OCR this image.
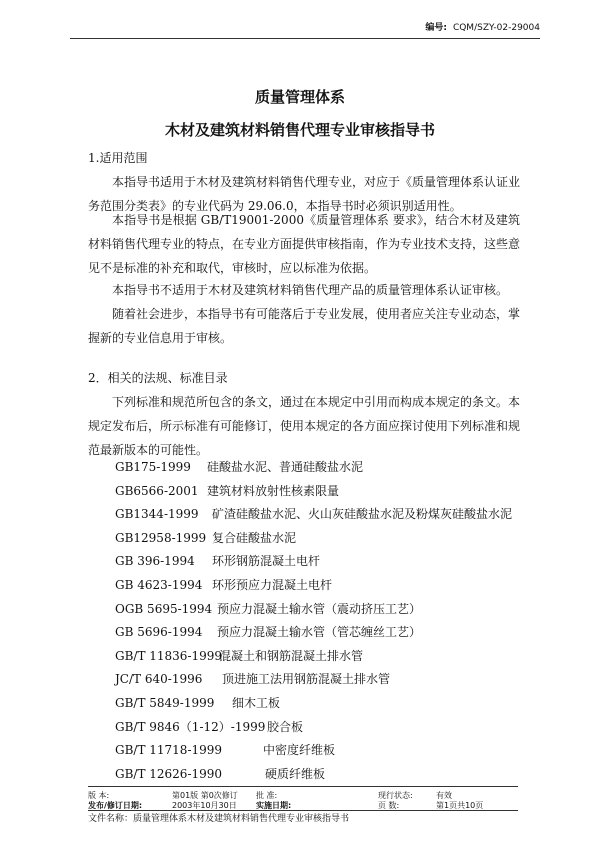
编号: CQM/SZY-02-29004
质量管理体系
木材及建筑材料销售代理专业审核指导书
1.适用范围
本指导书适用于木材及建筑材料销售代理专业，对应于《质量管理体系认证业务范围分类表》的专业代码为 29.06.0，本指导书时必须识别适用性。
本指导书是根据 GB/T19001-2000《质量管理体系 要求》，结合木材及建筑材料销售代理专业的特点，在专业方面提供审核指南，作为专业技术支持，这些意见不是标准的补充和取代，审核时，应以标准为依据。
本指导书不适用于木材及建筑材料销售代理产品的质量管理体系认证审核。
随着社会进步，本指导书有可能落后于专业发展，使用者应关注专业动态，掌握新的专业信息用于审核。
2．相关的法规、标准目录
下列标准和规范所包含的条文，通过在本规定中引用而构成本规定的条文。本规定发布后，所示标准有可能修订，使用本规定的各方面应探讨使用下列标准和规范最新版本的可能性。
GB175-1999 硅酸盐水泥、普通硅酸盐水泥
GB6566-2001 建筑材料放射性核素限量
GB1344-1999 矿渣硅酸盐水泥、火山灰硅酸盐水泥及粉煤灰硅酸盐水泥
GB12958-1999 复合硅酸盐水泥
GB 396-1994 环形钢筋混凝土电杆
GB 4623-1994 环形预应力混凝土电杆
OGB 5695-1994 预应力混凝土输水管（震动挤压工艺）
GB 5696-1994 预应力混凝土输水管（管芯缠丝工艺）
GB/T 11836-1999混凝土和钢筋混凝土排水管
JC/T 640-1996 顶进施工法用钢筋混凝土排水管
GB/T 5849-1999 细木工板
GB/T 9846（1-12）-1999 胶合板
GB/T 11718-1999	中密度纤维板
GB/T 12626-1990	硬质纤维板
版 本:	第01版 第0次修订 批 准:	现行状态:	有效
发布/修订日期:	2003年10月30日 实施日期:	页 数:	第1页共10页
文件名称：质量管理体系木材及建筑材料销售代理专业审核指导书
